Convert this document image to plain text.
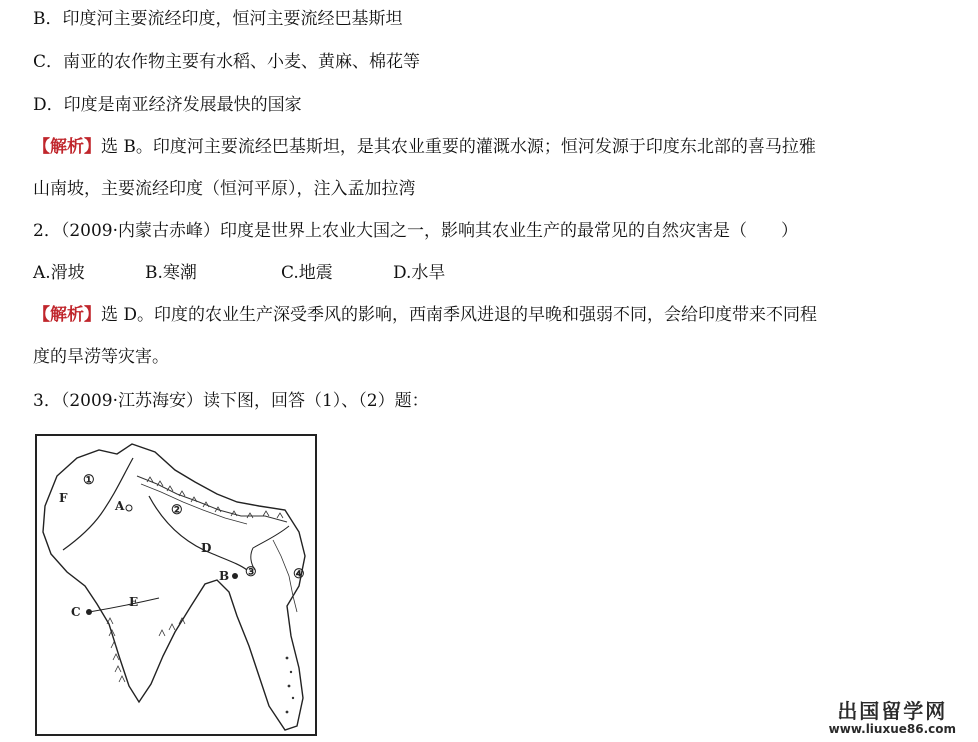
B．印度河主要流经印度，恒河主要流经巴基斯坦
C．南亚的农作物主要有水稻、小麦、黄麻、棉花等
D．印度是南亚经济发展最快的国家
【解析】选 B。印度河主要流经巴基斯坦，是其农业重要的灌溉水源；恒河发源于印度东北部的喜马拉雅
山南坡，主要流经印度（恒河平原），注入孟加拉湾
2．（2009·内蒙古赤峰）印度是世界上农业大国之一，影响其农业生产的最常见的自然灾害是（　　）
A.滑坡	B.寒潮	C.地震	D.水旱
【解析】选 D。印度的农业生产深受季风的影响，西南季风进退的早晚和强弱不同，会给印度带来不同程
度的旱涝等灾害。
3．（2009·江苏海安）读下图，回答（1）、（2）题：
F
A
D
B
C
E
①
②
③	④
出国留学网
www.liuxue86.com
